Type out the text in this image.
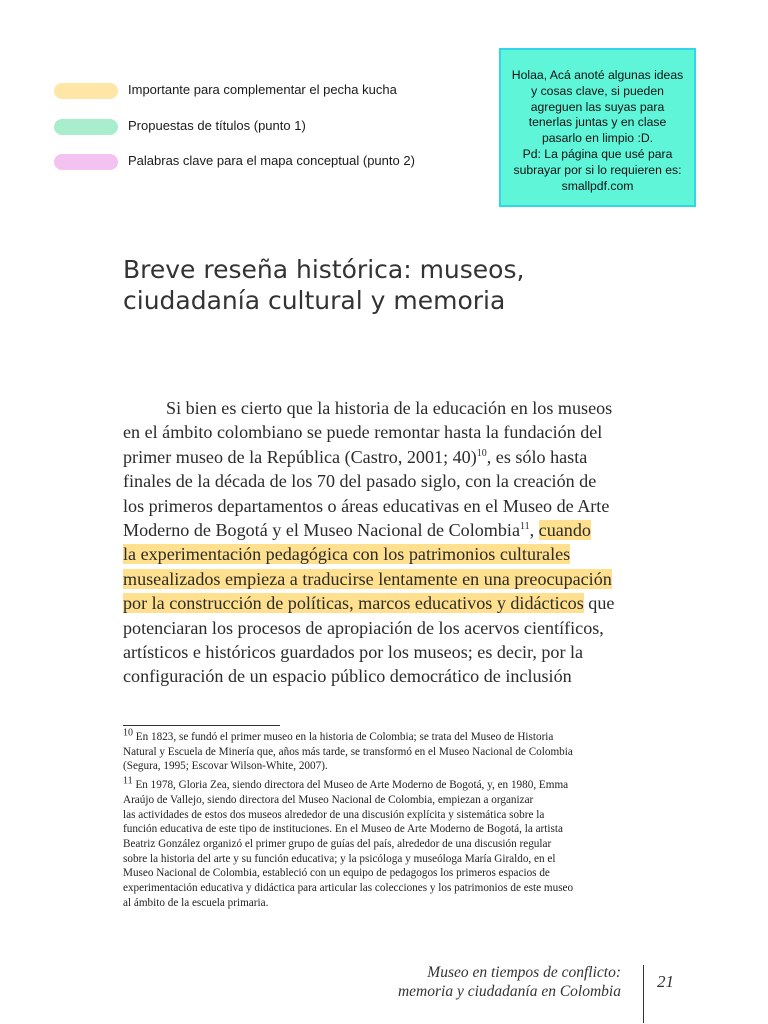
Importante para complementar el pecha kucha
Propuestas de títulos (punto 1)
Palabras clave para el mapa conceptual (punto 2)
Holaa, Acá anoté algunas ideas
y cosas clave, si pueden
agreguen las suyas para
tenerlas juntas y en clase
pasarlo en limpio :D.
Pd: La página que usé para
subrayar por si lo requieren es:
smallpdf.com
Breve reseña histórica: museos,
ciudadanía cultural y memoria
Si bien es cierto que la historia de la educación en los museos
en el ámbito colombiano se puede remontar hasta la fundación del
primer museo de la República (Castro, 2001; 40)$^{10}$, es sólo hasta
finales de la década de los 70 del pasado siglo, con la creación de
los primeros departamentos o áreas educativas en el Museo de Arte
Moderno de Bogotá y el Museo Nacional de Colombia$^{11}$, cuando
la experimentación pedagógica con los patrimonios culturales
musealizados empieza a traducirse lentamente en una preocupación
por la construcción de políticas, marcos educativos y didácticos que
potenciaran los procesos de apropiación de los acervos científicos,
artísticos e históricos guardados por los museos; es decir, por la
configuración de un espacio público democrático de inclusión
$^{10}$ En 1823, se fundó el primer museo en la historia de Colombia; se trata del Museo de Historia
Natural y Escuela de Minería que, años más tarde, se transformó en el Museo Nacional de Colombia
(Segura, 1995; Escovar Wilson-White, 2007).
$^{11}$ En 1978, Gloria Zea, siendo directora del Museo de Arte Moderno de Bogotá, y, en 1980, Emma
Araújo de Vallejo, siendo directora del Museo Nacional de Colombia, empiezan a organizar
las actividades de estos dos museos alrededor de una discusión explícita y sistemática sobre la
función educativa de este tipo de instituciones. En el Museo de Arte Moderno de Bogotá, la artista
Beatriz González organizó el primer grupo de guías del país, alrededor de una discusión regular
sobre la historia del arte y su función educativa; y la psicóloga y museóloga María Giraldo, en el
Museo Nacional de Colombia, estableció con un equipo de pedagogos los primeros espacios de
experimentación educativa y didáctica para articular las colecciones y los patrimonios de este museo
al ámbito de la escuela primaria.
Museo en tiempos de conflicto:
memoria y ciudadanía en Colombia
21
